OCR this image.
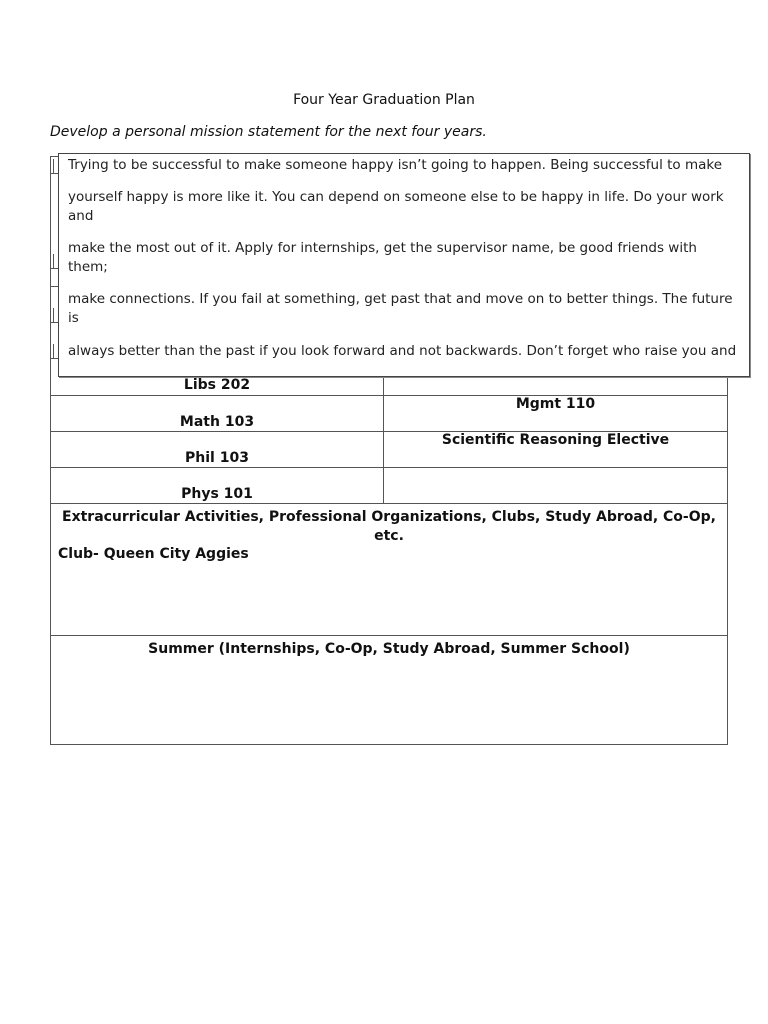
Four Year Graduation Plan
Develop a personal mission statement for the next four years.
Libs 202
Math 103
Mgmt 110
Phil 103
Scientific Reasoning Elective
Phys 101
Extracurricular Activities, Professional Organizations, Clubs, Study Abroad, Co-Op, etc.
Club- Queen City Aggies
Summer (Internships, Co-Op, Study Abroad, Summer School)

Trying to be successful to make someone happy isn’t going to happen. Being successful to make

yourself happy is more like it. You can depend on someone else to be happy in life. Do your work and

make the most out of it. Apply for internships, get the supervisor name, be good friends with them;

make connections. If you fail at something, get past that and move on to better things. The future is

always better than the past if you look forward and not backwards. Don’t forget who raise you and
